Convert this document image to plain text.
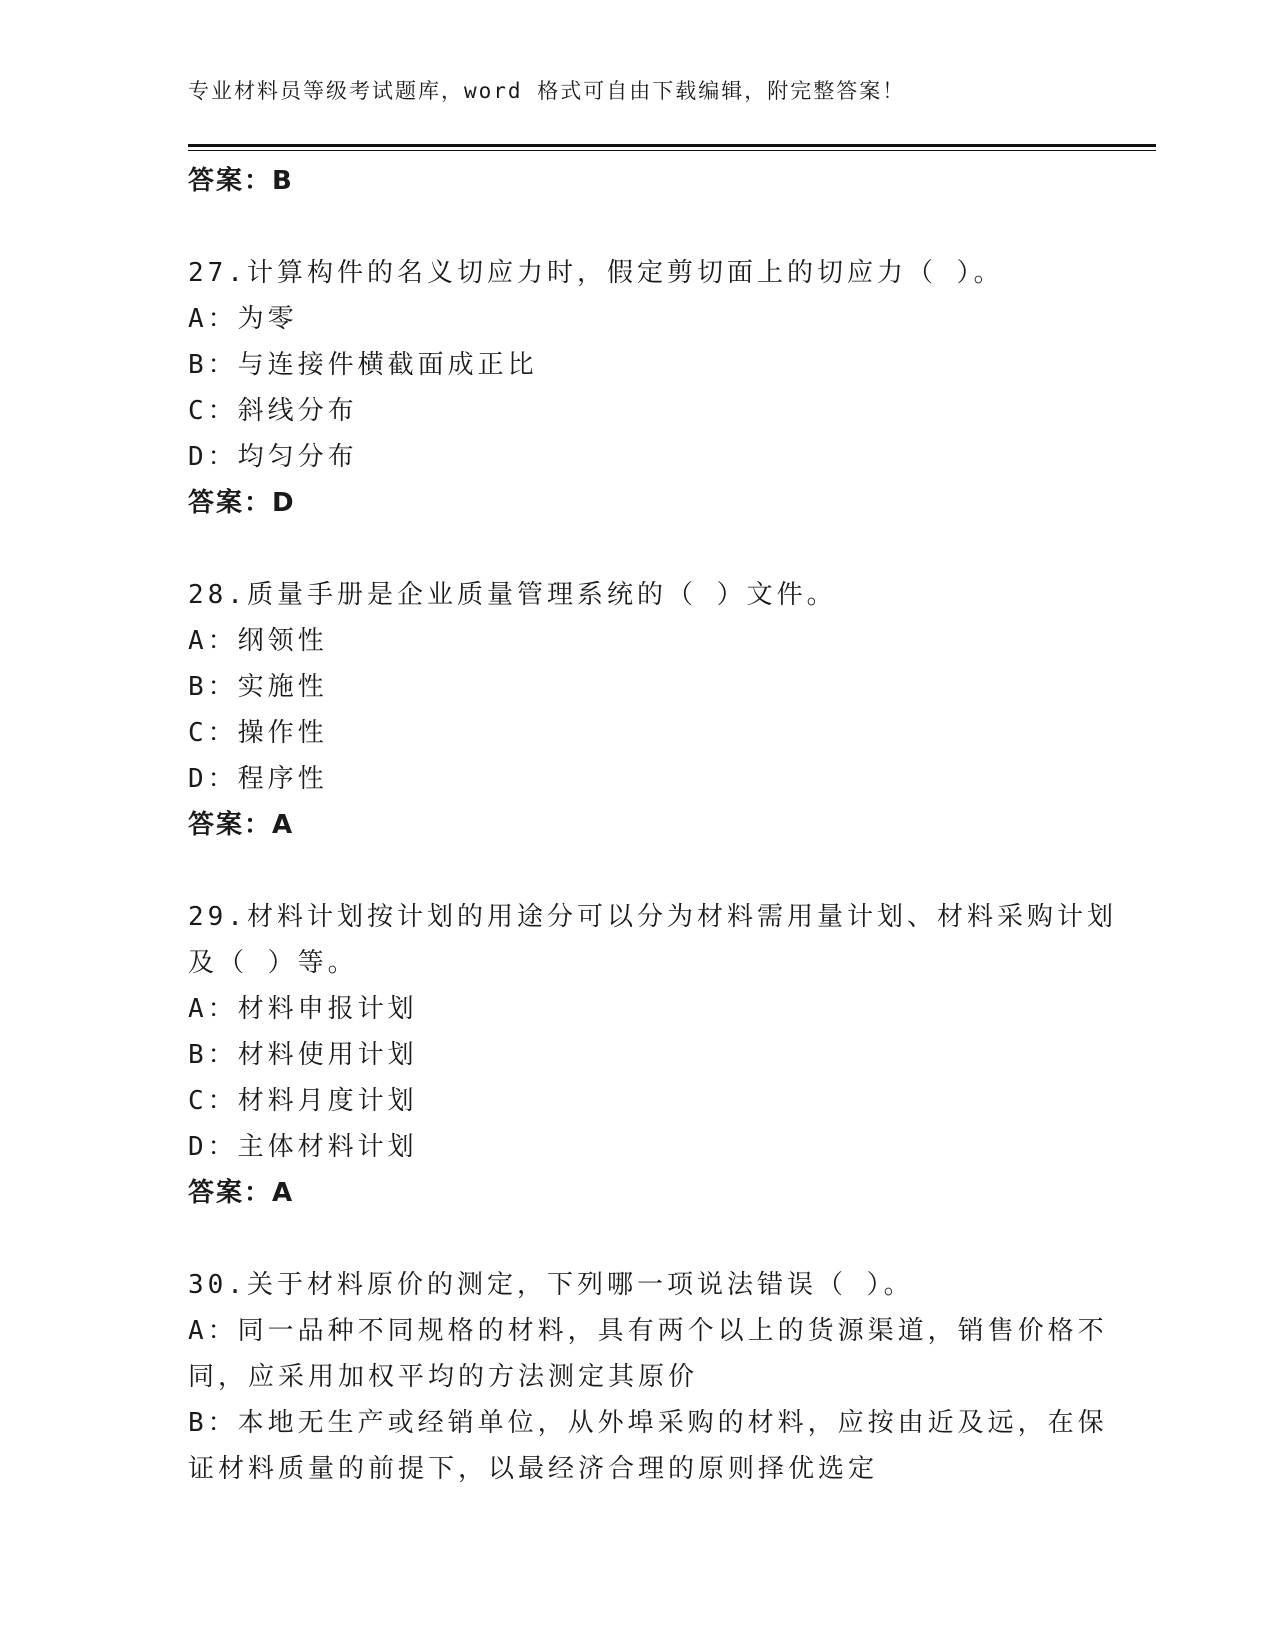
专业材料员等级考试题库，word 格式可自由下载编辑，附完整答案！
答案：B
27.计算构件的名义切应力时，假定剪切面上的切应力（ ）。
A：为零
B：与连接件横截面成正比
C：斜线分布
D：均匀分布
答案：D
28.质量手册是企业质量管理系统的（ ）文件。
A：纲领性
B：实施性
C：操作性
D：程序性
答案：A
29.材料计划按计划的用途分可以分为材料需用量计划、材料采购计划
及（ ）等。
A：材料申报计划
B：材料使用计划
C：材料月度计划
D：主体材料计划
答案：A
30.关于材料原价的测定，下列哪一项说法错误（ ）。
A：同一品种不同规格的材料，具有两个以上的货源渠道，销售价格不
同，应采用加权平均的方法测定其原价
B：本地无生产或经销单位，从外埠采购的材料，应按由近及远，在保
证材料质量的前提下，以最经济合理的原则择优选定
